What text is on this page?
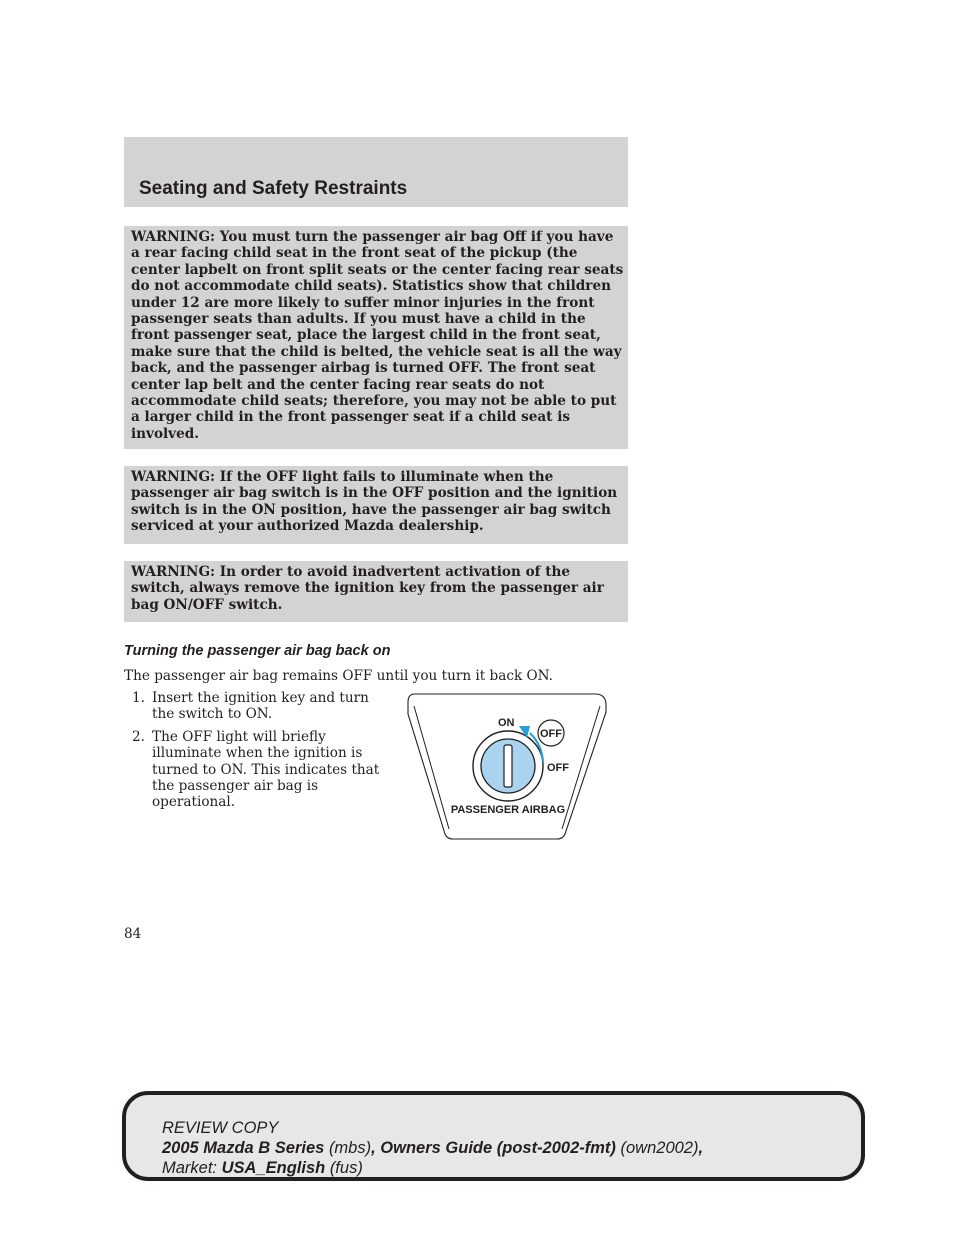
Seating and Safety Restraints
WARNING: You must turn the passenger air bag Off if you have a rear facing child seat in the front seat of the pickup (the center lapbelt on front split seats or the center facing rear seats do not accommodate child seats). Statistics show that children under 12 are more likely to suffer minor injuries in the front passenger seats than adults. If you must have a child in the front passenger seat, place the largest child in the front seat, make sure that the child is belted, the vehicle seat is all the way back, and the passenger airbag is turned OFF. The front seat center lap belt and the center facing rear seats do not accommodate child seats; therefore, you may not be able to put a larger child in the front passenger seat if a child seat is involved.
WARNING: If the OFF light fails to illuminate when the passenger air bag switch is in the OFF position and the ignition switch is in the ON position, have the passenger air bag switch serviced at your authorized Mazda dealership.
WARNING: In order to avoid inadvertent activation of the switch, always remove the ignition key from the passenger air bag ON/OFF switch.
Turning the passenger air bag back on
The passenger air bag remains OFF until you turn it back ON.
1. Insert the ignition key and turn the switch to ON.
2. The OFF light will briefly illuminate when the ignition is turned to ON. This indicates that the passenger air bag is operational.
ON
OFF
OFF
PASSENGER AIRBAG
84
REVIEW COPY
2005 Mazda B Series (mbs), Owners Guide (post-2002-fmt) (own2002),
Market: USA_English (fus)
